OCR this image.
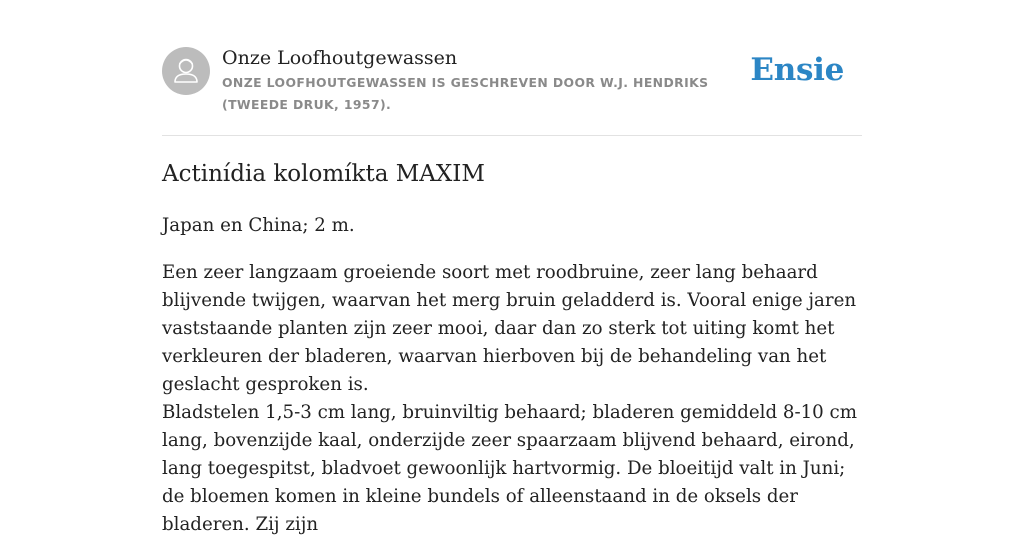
Onze Loofhoutgewassen
ONZE LOOFHOUTGEWASSEN IS GESCHREVEN DOOR W.J. HENDRIKS (TWEEDE DRUK, 1957).
Ensie
Actinídia kolomíkta MAXIM

Japan en China; 2 m.

Een zeer langzaam groeiende soort met roodbruine, zeer lang behaard blijvende twijgen, waarvan het merg bruin geladderd is. Vooral enige jaren vaststaande planten zijn zeer mooi, daar dan zo sterk tot uiting komt het verkleuren der bladeren, waarvan hierboven bij de behandeling van het geslacht gesproken is.

Bladstelen 1,5-3 cm lang, bruinviltig behaard; bladeren gemiddeld 8-10 cm lang, bovenzijde kaal, onderzijde zeer spaarzaam blijvend behaard, eirond, lang toegespitst, bladvoet gewoonlijk hartvormig. De bloeitijd valt in Juni; de bloemen komen in kleine bundels of alleenstaand in de oksels der bladeren. Zij zijn
